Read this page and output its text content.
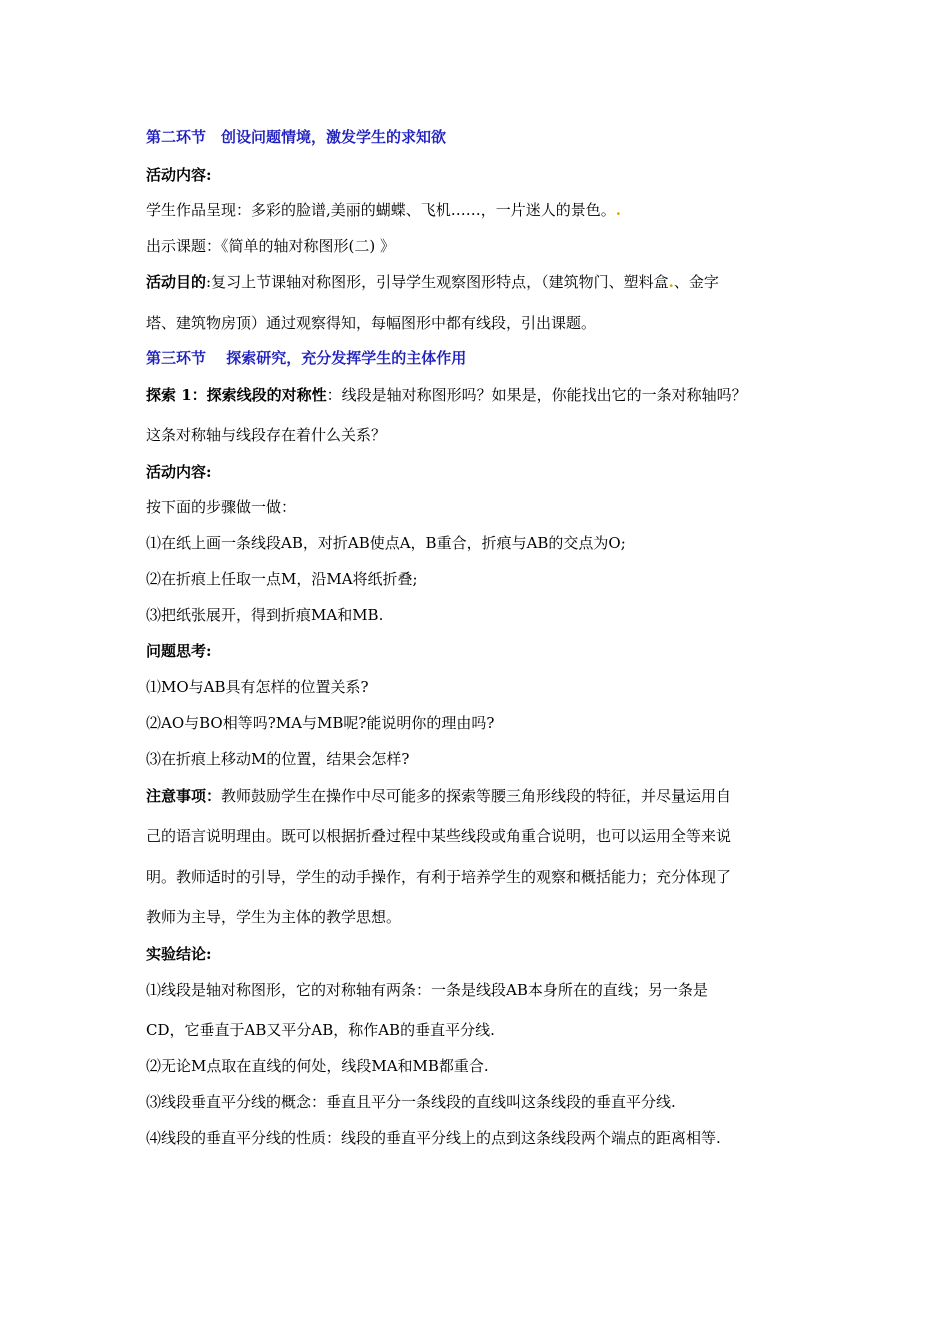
第二环节　创设问题情境，激发学生的求知欲
活动内容:
学生作品呈现：多彩的脸谱,美丽的蝴蝶、飞机……，一片迷人的景色。.
出示课题：《简单的轴对称图形(二) 》
活动目的:复习上节课轴对称图形，引导学生观察图形特点，（建筑物门、塑料盒.、金字
塔、建筑物房顶）通过观察得知，每幅图形中都有线段，引出课题。
第三环节　 探索研究，充分发挥学生的主体作用
探索 1：探索线段的对称性：线段是轴对称图形吗？如果是，你能找出它的一条对称轴吗？
这条对称轴与线段存在着什么关系？
活动内容:
按下面的步骤做一做：
⑴在纸上画一条线段AB，对折AB使点A，B重合，折痕与AB的交点为O;
⑵在折痕上任取一点M，沿MA将纸折叠;
⑶把纸张展开，得到折痕MA和MB.
问题思考:
⑴MO与AB具有怎样的位置关系?
⑵AO与BO相等吗?MA与MB呢?能说明你的理由吗?
⑶在折痕上移动M的位置，结果会怎样?
注意事项：教师鼓励学生在操作中尽可能多的探索等腰三角形线段的特征，并尽量运用自
己的语言说明理由。既可以根据折叠过程中某些线段或角重合说明，也可以运用全等来说
明。教师适时的引导，学生的动手操作，有利于培养学生的观察和概括能力；充分体现了
教师为主导，学生为主体的教学思想。
实验结论:
⑴线段是轴对称图形，它的对称轴有两条：一条是线段AB本身所在的直线；另一条是
CD，它垂直于AB又平分AB，称作AB的垂直平分线.
⑵无论M点取在直线的何处，线段MA和MB都重合.
⑶线段垂直平分线的概念：垂直且平分一条线段的直线叫这条线段的垂直平分线.
⑷线段的垂直平分线的性质：线段的垂直平分线上的点到这条线段两个端点的距离相等.
